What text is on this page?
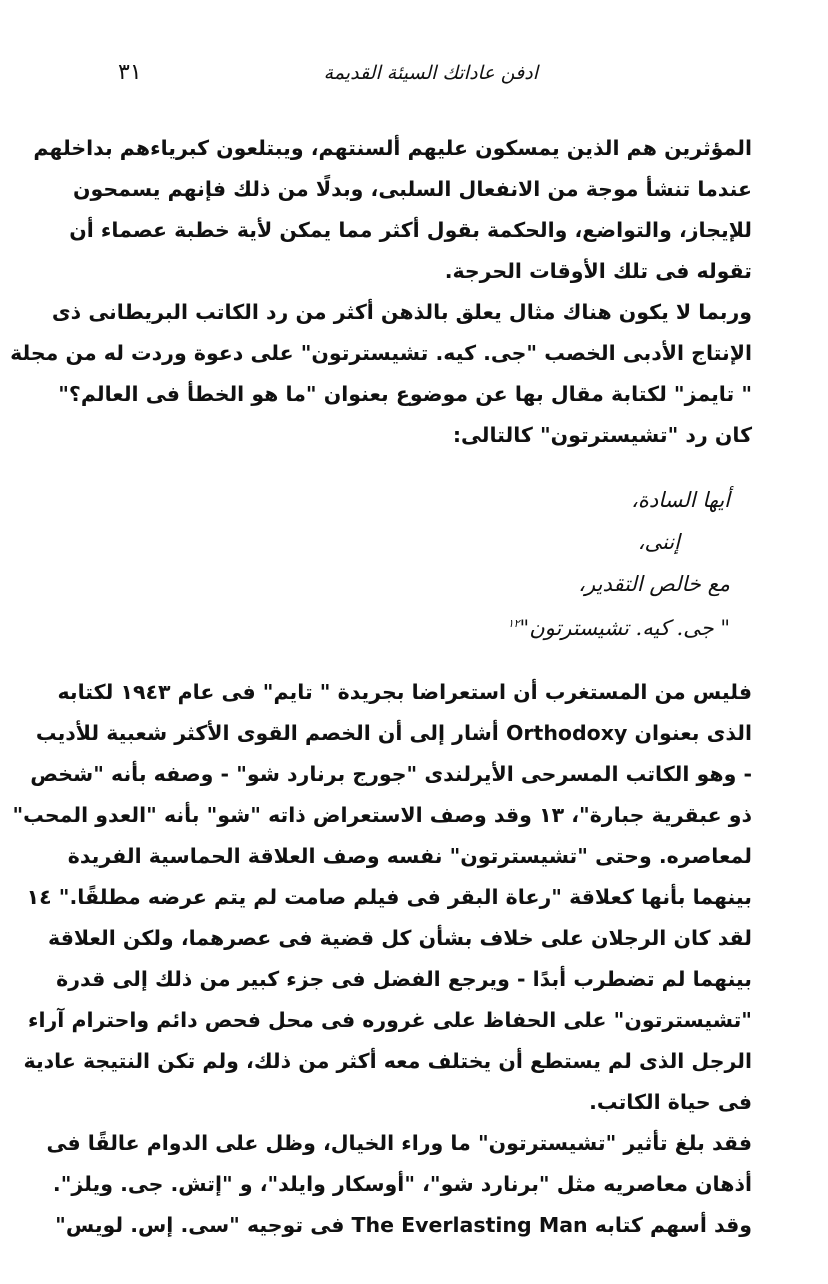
ادفن عاداتك السيئة القديمة
٣١
المؤثرين هم الذين يمسكون عليهم ألسنتهم، ويبتلعون كبرياءهم بداخلهم
عندما تنشأ موجة من الانفعال السلبى، وبدلًا من ذلك فإنهم يسمحون
للإيجاز، والتواضع، والحكمة بقول أكثر مما يمكن لأية خطبة عصماء أن
تقوله فى تلك الأوقات الحرجة.
وربما لا يكون هناك مثال يعلق بالذهن أكثر من رد الكاتب البريطانى ذى
الإنتاج الأدبى الخصب "جى. كيه. تشيسترتون" على دعوة وردت له من مجلة
" تايمز" لكتابة مقال بها عن موضوع بعنوان "ما هو الخطأ فى العالم؟"
كان رد "تشيسترتون" كالتالى:
أيها السادة،
إننى،
مع خالص التقدير،
" جى. كيه. تشيسترتون"$^{١٢}$
فليس من المستغرب أن استعراضا بجريدة " تايم" فى عام ١٩٤٣ لكتابه
الذى بعنوان Orthodoxy أشار إلى أن الخصم القوى الأكثر شعبية للأديب
- وهو الكاتب المسرحى الأيرلندى "جورج برنارد شو" - وصفه بأنه "شخص
ذو عبقرية جبارة"، ١٣ وقد وصف الاستعراض ذاته "شو" بأنه "العدو المحب"
لمعاصره. وحتى "تشيسترتون" نفسه وصف العلاقة الحماسية الفريدة
بينهما بأنها كعلاقة "رعاة البقر فى فيلم صامت لم يتم عرضه مطلقًا." ١٤
لقد كان الرجلان على خلاف بشأن كل قضية فى عصرهما، ولكن العلاقة
بينهما لم تضطرب أبدًا - ويرجع الفضل فى جزء كبير من ذلك إلى قدرة
"تشيسترتون" على الحفاظ على غروره فى محل فحص دائم واحترام آراء
الرجل الذى لم يستطع أن يختلف معه أكثر من ذلك، ولم تكن النتيجة عادية
فى حياة الكاتب.
فقد بلغ تأثير "تشيسترتون" ما وراء الخيال، وظل على الدوام عالقًا فى
أذهان معاصريه مثل "برنارد شو"، "أوسكار وايلد"، و "إتش. جى. ويلز".
وقد أسهم كتابه The Everlasting Man فى توجيه "سى. إس. لويس"
